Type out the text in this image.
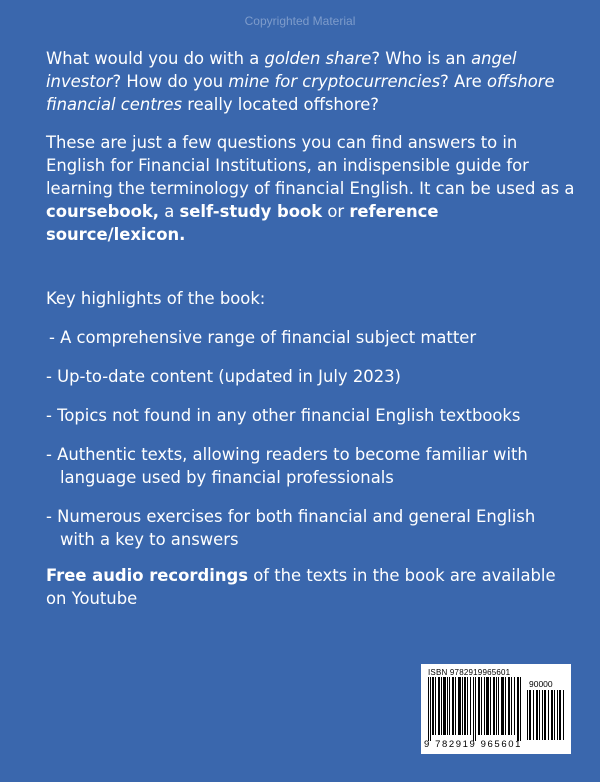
Copyrighted Material

What would you do with a golden share? Who is an angel investor? How do you mine for cryptocurrencies? Are offshore financial centres really located offshore?

These are just a few questions you can find answers to in English for Financial Institutions, an indispensible guide for learning the terminology of financial English. It can be used as a coursebook, a self-study book or reference source/lexicon.

Key highlights of the book:

- A comprehensive range of financial subject matter

- Up-to-date content (updated in July 2023)

- Topics not found in any other financial English textbooks

- Authentic texts, allowing readers to become familiar with
language used by financial professionals

- Numerous exercises for both financial and general English
with a key to answers

Free audio recordings of the texts in the book are available on Youtube

ISBN 9782919965601
90000
9 782919 965601
